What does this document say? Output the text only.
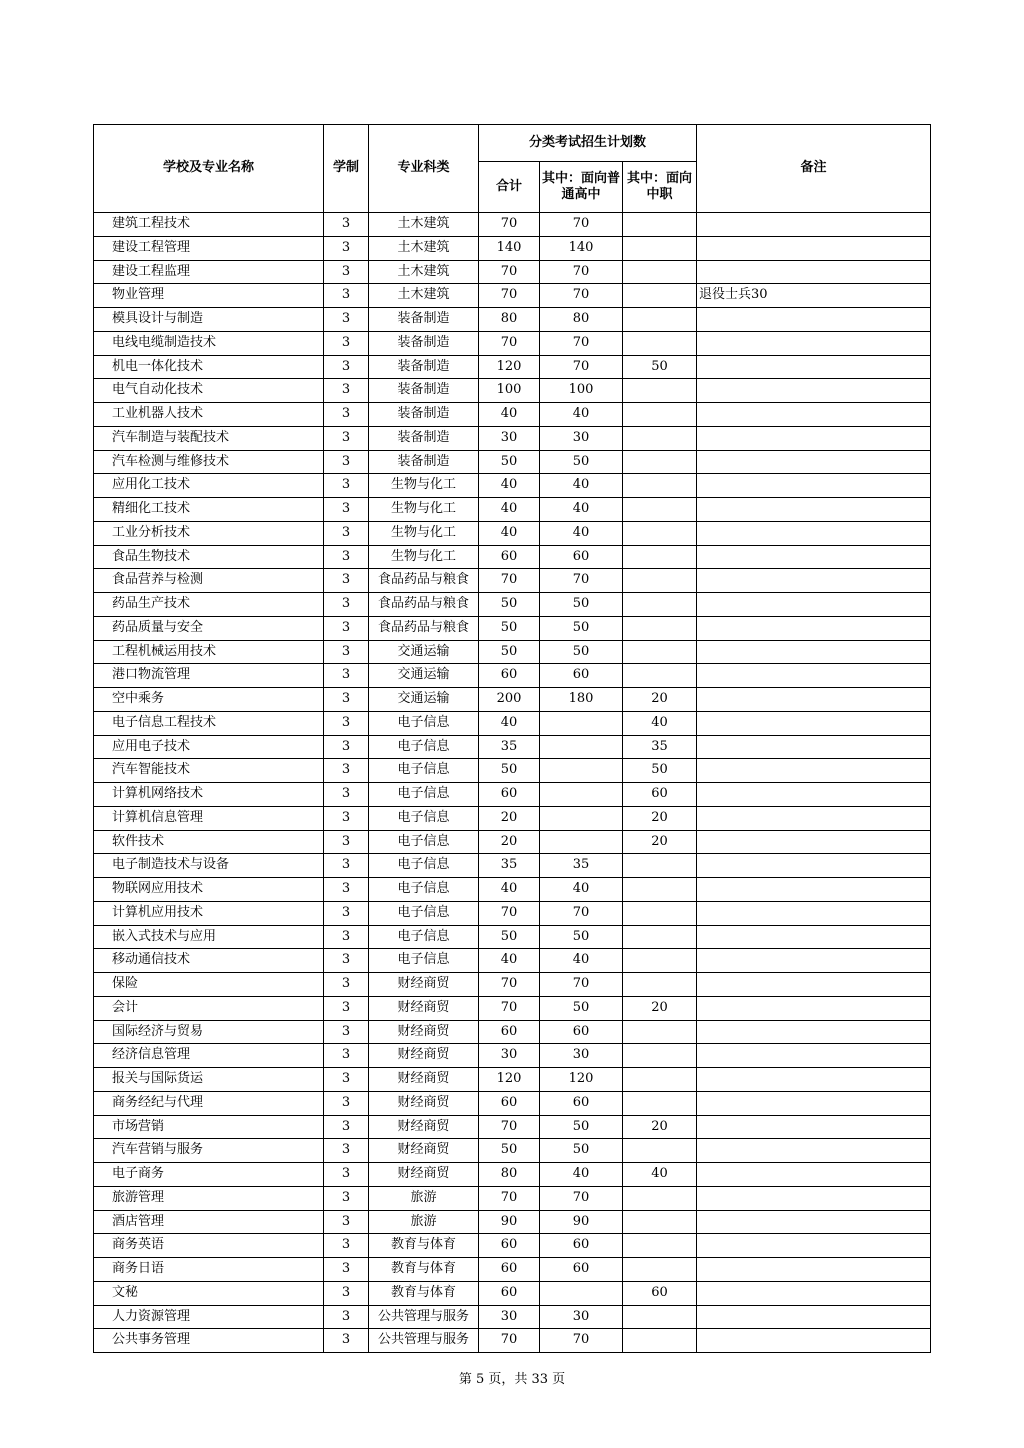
学校及专业名称	学制	专业科类	分类考试招生计划数			备注
			合计	其中：面向普通高中	其中：面向中职	
建筑工程技术	3	土木建筑	70	70		
建设工程管理	3	土木建筑	140	140		
建设工程监理	3	土木建筑	70	70		
物业管理	3	土木建筑	70	70		退役士兵30
模具设计与制造	3	装备制造	80	80		
电线电缆制造技术	3	装备制造	70	70		
机电一体化技术	3	装备制造	120	70	50	
电气自动化技术	3	装备制造	100	100		
工业机器人技术	3	装备制造	40	40		
汽车制造与装配技术	3	装备制造	30	30		
汽车检测与维修技术	3	装备制造	50	50		
应用化工技术	3	生物与化工	40	40		
精细化工技术	3	生物与化工	40	40		
工业分析技术	3	生物与化工	40	40		
食品生物技术	3	生物与化工	60	60		
食品营养与检测	3	食品药品与粮食	70	70		
药品生产技术	3	食品药品与粮食	50	50		
药品质量与安全	3	食品药品与粮食	50	50		
工程机械运用技术	3	交通运输	50	50		
港口物流管理	3	交通运输	60	60		
空中乘务	3	交通运输	200	180	20	
电子信息工程技术	3	电子信息	40		40	
应用电子技术	3	电子信息	35		35	
汽车智能技术	3	电子信息	50		50	
计算机网络技术	3	电子信息	60		60	
计算机信息管理	3	电子信息	20		20	
软件技术	3	电子信息	20		20	
电子制造技术与设备	3	电子信息	35	35		
物联网应用技术	3	电子信息	40	40		
计算机应用技术	3	电子信息	70	70		
嵌入式技术与应用	3	电子信息	50	50		
移动通信技术	3	电子信息	40	40		
保险	3	财经商贸	70	70		
会计	3	财经商贸	70	50	20	
国际经济与贸易	3	财经商贸	60	60		
经济信息管理	3	财经商贸	30	30		
报关与国际货运	3	财经商贸	120	120		
商务经纪与代理	3	财经商贸	60	60		
市场营销	3	财经商贸	70	50	20	
汽车营销与服务	3	财经商贸	50	50		
电子商务	3	财经商贸	80	40	40	
旅游管理	3	旅游	70	70		
酒店管理	3	旅游	90	90		
商务英语	3	教育与体育	60	60		
商务日语	3	教育与体育	60	60		
文秘	3	教育与体育	60		60	
人力资源管理	3	公共管理与服务	30	30		
公共事务管理	3	公共管理与服务	70	70		
第 5 页，共 33 页
